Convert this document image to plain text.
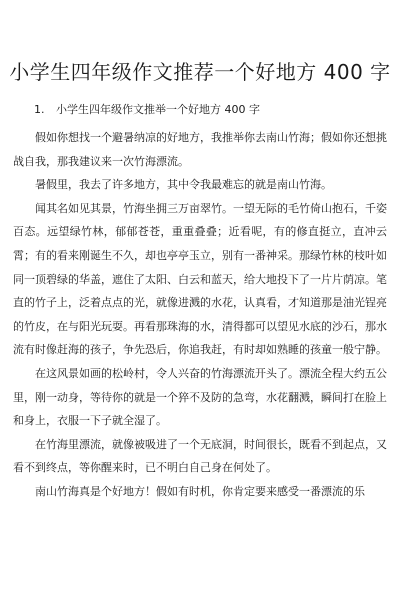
小学生四年级作文推荐一个好地方 400 字
1. 小学生四年级作文推举一个好地方 400 字

假如你想找一个避暑纳凉的好地方，我推举你去南山竹海；假如你还想挑战自我，那我建议来一次竹海漂流。

暑假里，我去了许多地方，其中令我最难忘的就是南山竹海。

闻其名如见其景，竹海坐拥三万亩翠竹。一望无际的毛竹倚山抱石，千姿百态。远望绿竹林，郁郁苍苍，重重叠叠；近看呢，有的修直挺立，直冲云霄；有的看来刚诞生不久，却也亭亭玉立，别有一番神采。那绿竹林的枝叶如同一顶碧绿的华盖，遮住了太阳、白云和蓝天，给大地投下了一片片荫凉。笔直的竹子上，泛着点点的光，就像进溅的水花，认真看，才知道那是油光锃亮的竹皮，在与阳光玩耍。再看那珠海的水，清得都可以望见水底的沙石，那水流有时像赶海的孩子，争先恐后，你追我赶，有时却如熟睡的孩童一般宁静。

在这风景如画的松岭村，令人兴奋的竹海漂流开头了。漂流全程大约五公里，刚一动身，等待你的就是一个猝不及防的急弯，水花翻溅，瞬间打在脸上和身上，衣服一下子就全湿了。

在竹海里漂流，就像被吸进了一个无底洞，时间很长，既看不到起点，又看不到终点，等你醒来时，已不明白自己身在何处了。

南山竹海真是个好地方！假如有时机，你肯定要来感受一番漂流的乐
